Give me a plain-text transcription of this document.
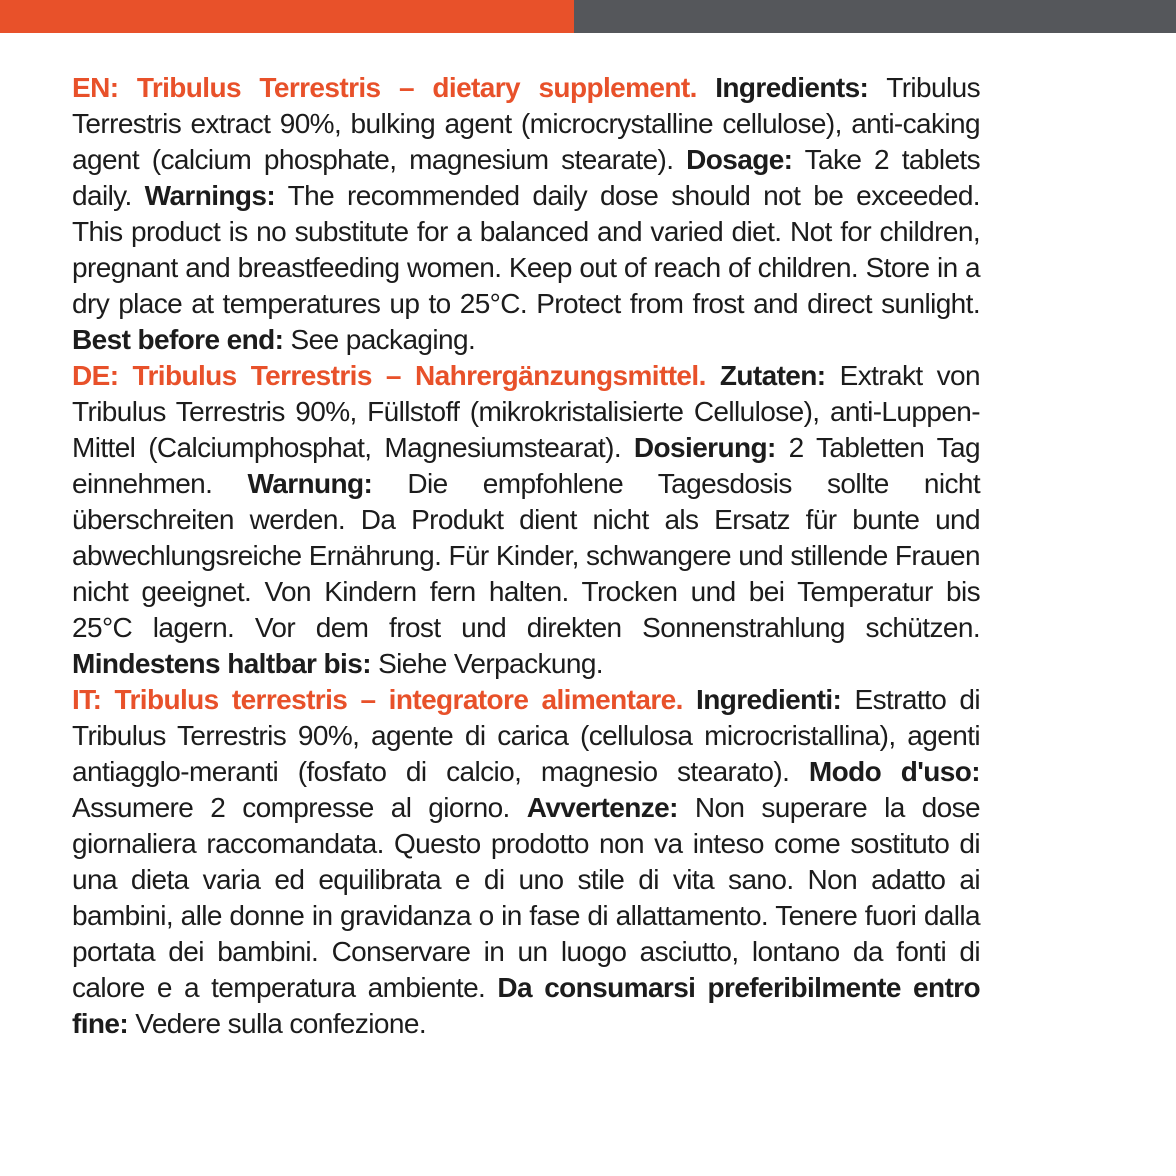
EN: Tribulus Terrestris – dietary supplement. Ingredients: Tribulus Terrestris extract 90%, bulking agent (microcrystalline cellulose), anti-caking agent (calcium phosphate, magnesium stearate). Dosage: Take 2 tablets daily. Warnings: The recommended daily dose should not be exceeded. This product is no substitute for a balanced and varied diet. Not for children, pregnant and breastfeeding women. Keep out of reach of children. Store in a dry place at temperatures up to 25°C. Protect from frost and direct sunlight. Best before end: See packaging.

DE: Tribulus Terrestris – Nahrergänzungsmittel. Zutaten: Extrakt von Tribulus Terrestris 90%, Füllstoff (mikrokristalisierte Cellulose), anti-Luppen-Mittel (Calciumphosphat, Magnesiumstearat). Dosierung: 2 Tabletten Tag einnehmen. Warnung: Die empfohlene Tagesdosis sollte nicht überschreiten werden. Da Produkt dient nicht als Ersatz für bunte und abwechlungsreiche Ernährung. Für Kinder, schwangere und stillende Frauen nicht geeignet. Von Kindern fern halten. Trocken und bei Temperatur bis 25°C lagern. Vor dem frost und direkten Sonnenstrahlung schützen. Mindestens haltbar bis: Siehe Verpackung.

IT: Tribulus terrestris – integratore alimentare. Ingredienti: Estratto di Tribulus Terrestris 90%, agente di carica (cellulosa microcristallina), agenti antiagglo-meranti (fosfato di calcio, magnesio stearato). Modo d'uso: Assumere 2 compresse al giorno. Avvertenze: Non superare la dose giornaliera raccomandata. Questo prodotto non va inteso come sostituto di una dieta varia ed equilibrata e di uno stile di vita sano. Non adatto ai bambini, alle donne in gravidanza o in fase di allattamento. Tenere fuori dalla portata dei bambini. Conservare in un luogo asciutto, lontano da fonti di calore e a temperatura ambiente. Da consumarsi preferibilmente entro fine: Vedere sulla confezione.
